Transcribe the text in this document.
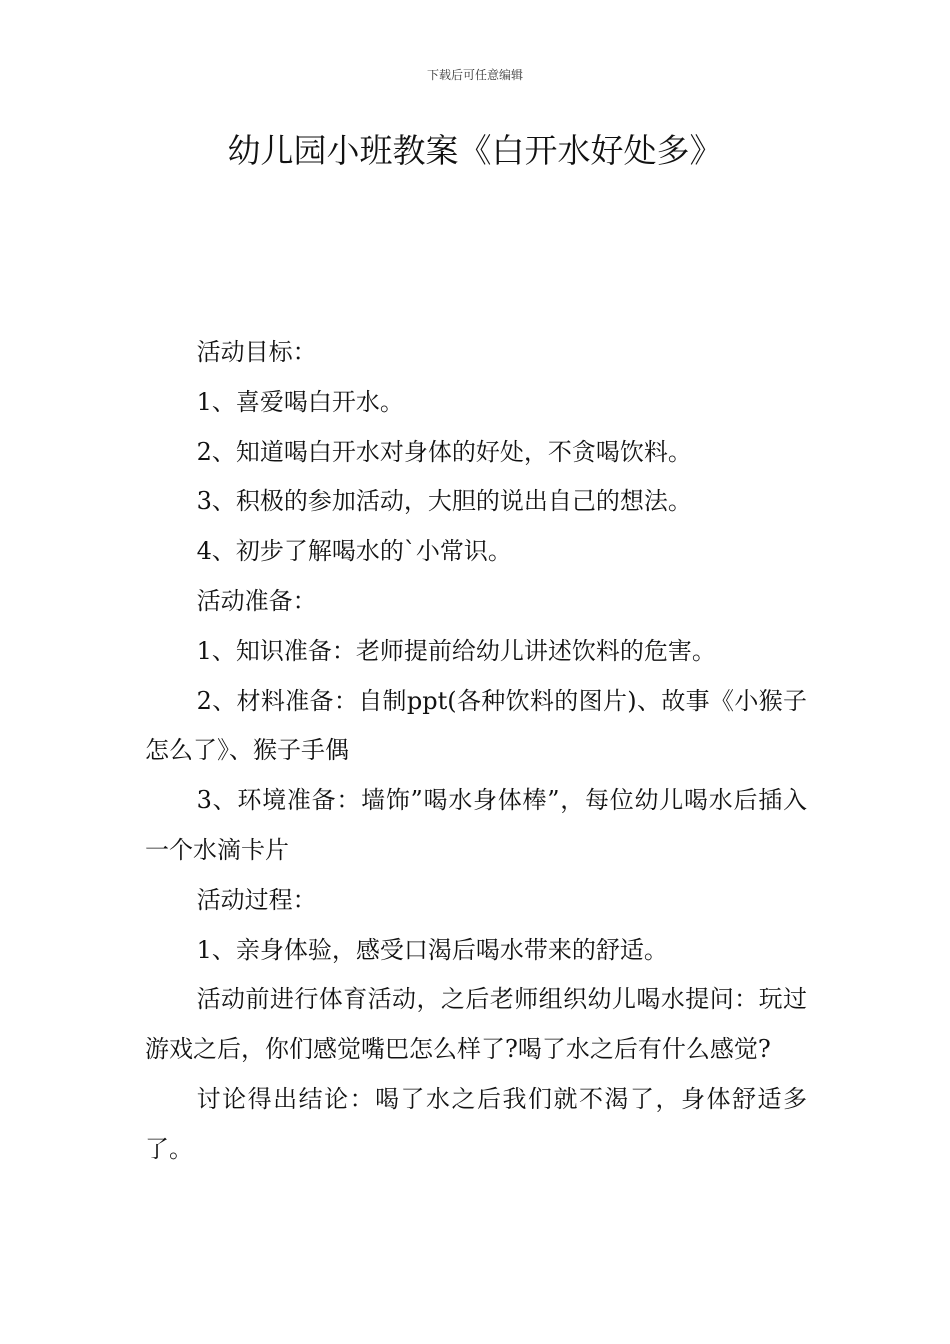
下载后可任意编辑
幼儿园小班教案《白开水好处多》

活动目标：

1、喜爱喝白开水。

2、知道喝白开水对身体的好处，不贪喝饮料。

3、积极的参加活动，大胆的说出自己的想法。

4、初步了解喝水的`小常识。

活动准备：

1、知识准备：老师提前给幼儿讲述饮料的危害。

2、材料准备：自制ppt(各种饮料的图片)、故事《小猴子怎么了》、猴子手偶

3、环境准备：墙饰”喝水身体棒”，每位幼儿喝水后插入一个水滴卡片

活动过程：

1、亲身体验，感受口渴后喝水带来的舒适。

活动前进行体育活动，之后老师组织幼儿喝水提问：玩过游戏之后，你们感觉嘴巴怎么样了?喝了水之后有什么感觉?

讨论得出结论：喝了水之后我们就不渴了，身体舒适多了。
